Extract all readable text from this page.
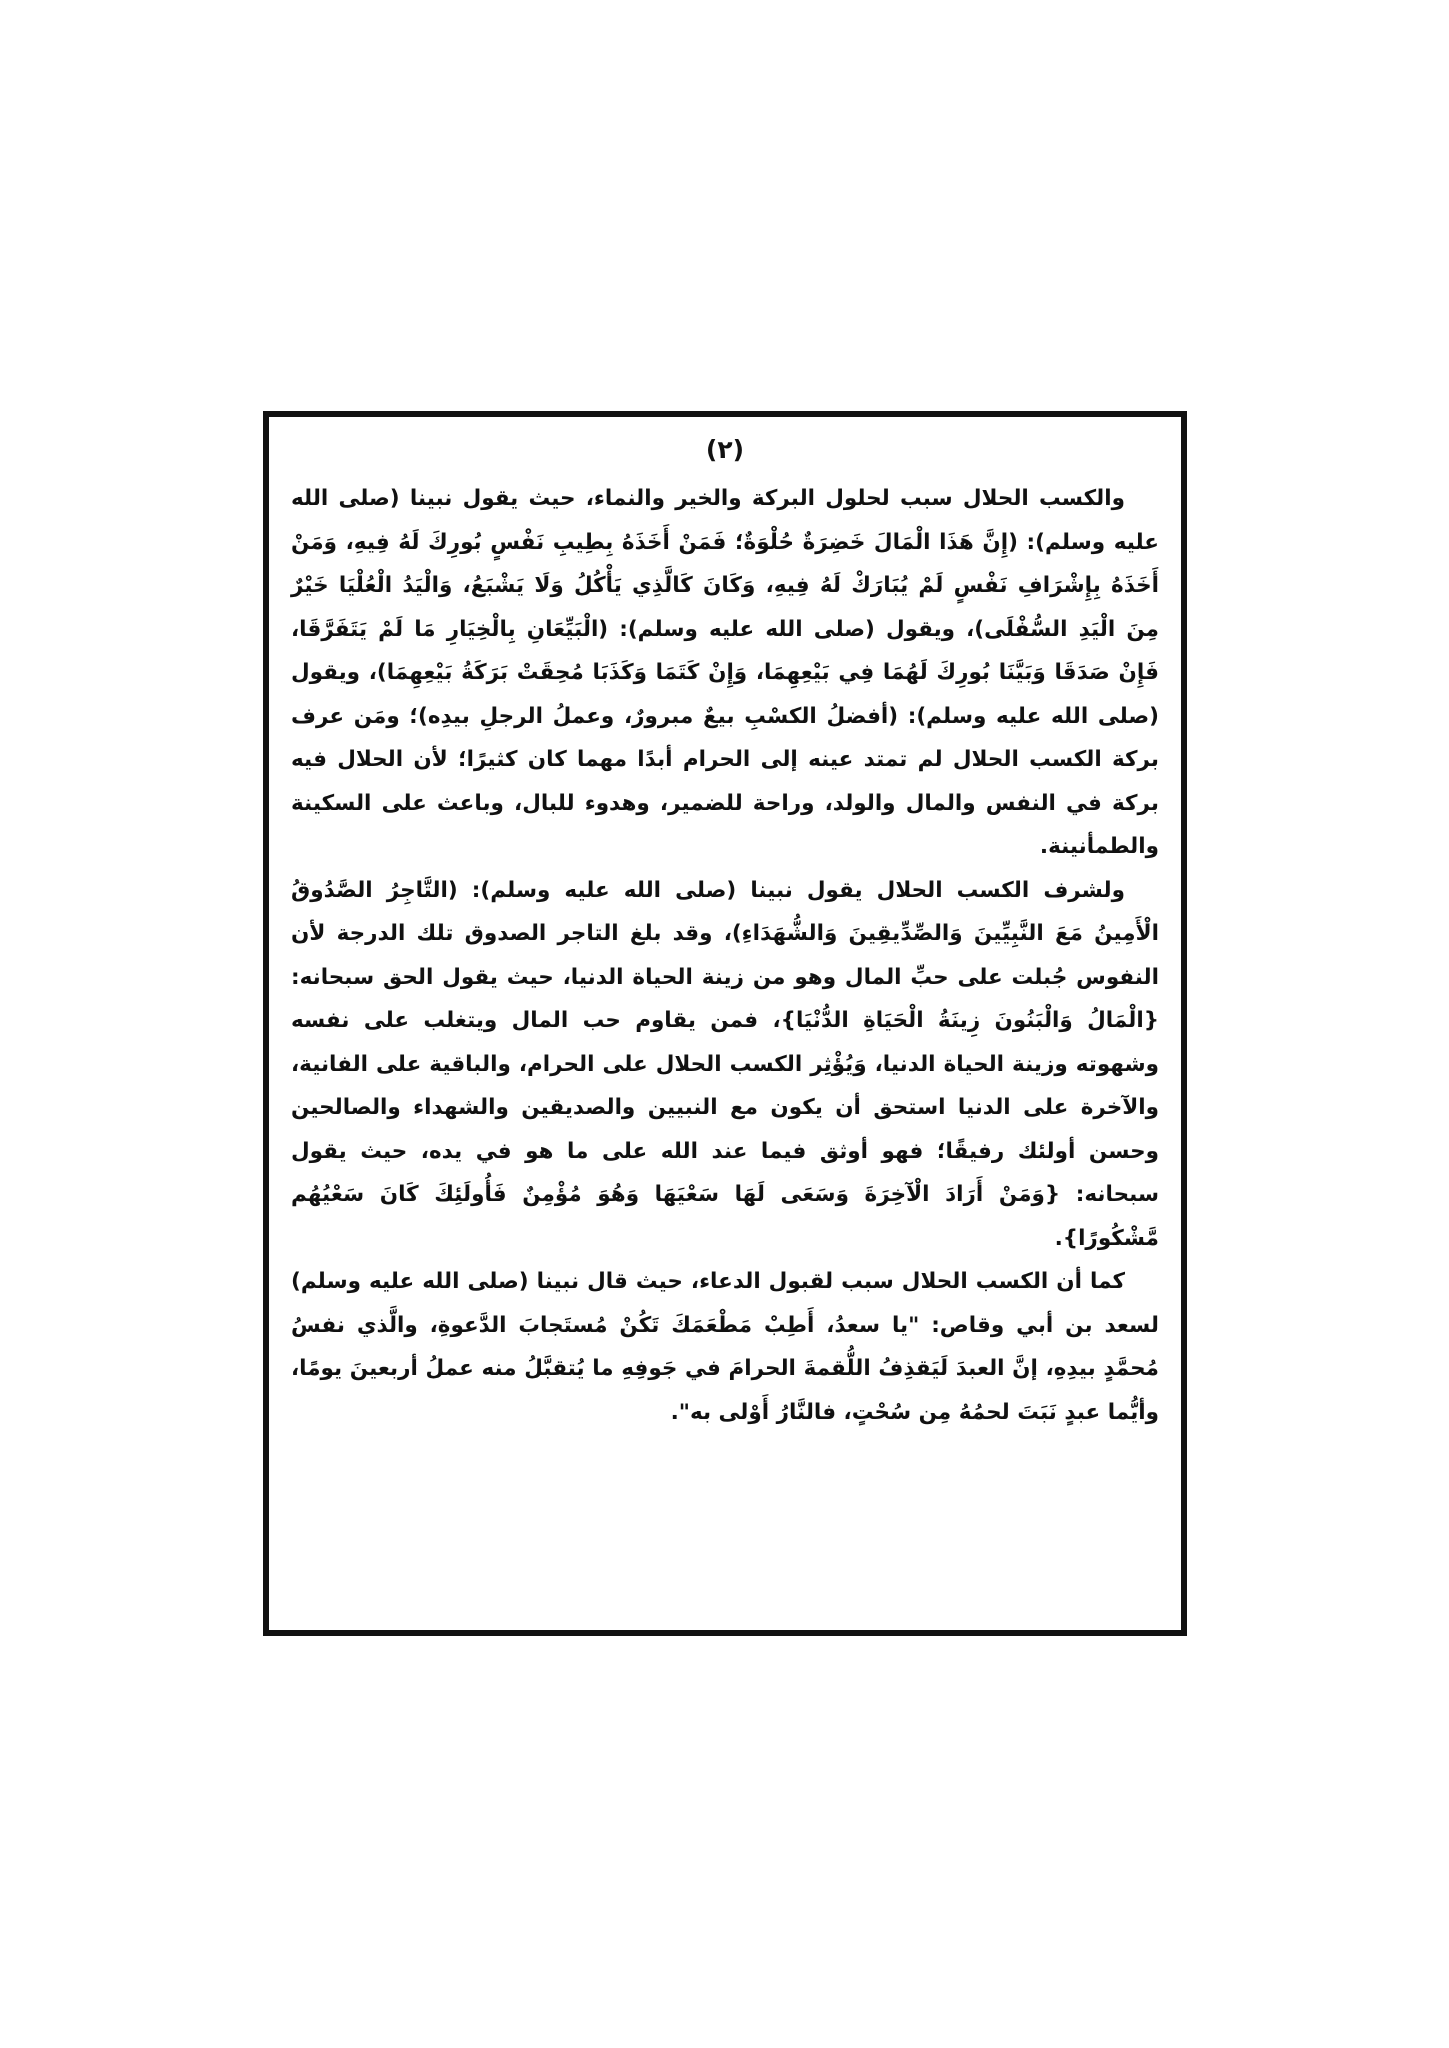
(٢)

والكسب الحلال سبب لحلول البركة والخير والنماء، حيث يقول نبينا (صلى الله عليه وسلم): (إِنَّ هَذَا الْمَالَ خَضِرَةٌ حُلْوَةٌ؛ فَمَنْ أَخَذَهُ بِطِيبِ نَفْسٍ بُورِكَ لَهُ فِيهِ، وَمَنْ أَخَذَهُ بِإِشْرَافِ نَفْسٍ لَمْ يُبَارَكْ لَهُ فِيهِ، وَكَانَ كَالَّذِي يَأْكُلُ وَلَا يَشْبَعُ، وَالْيَدُ الْعُلْيَا خَيْرٌ مِنَ الْيَدِ السُّفْلَى)، ويقول (صلى الله عليه وسلم): (الْبَيِّعَانِ بِالْخِيَارِ مَا لَمْ يَتَفَرَّقَا، فَإِنْ صَدَقَا وَبَيَّنَا بُورِكَ لَهُمَا فِي بَيْعِهِمَا، وَإِنْ كَتَمَا وَكَذَبَا مُحِقَتْ بَرَكَةُ بَيْعِهِمَا)، ويقول (صلى الله عليه وسلم): (أفضلُ الكسْبِ بيعٌ مبرورٌ، وعملُ الرجلِ بيدِه)؛ ومَن عرف بركة الكسب الحلال لم تمتد عينه إلى الحرام أبدًا مهما كان كثيرًا؛ لأن الحلال فيه بركة في النفس والمال والولد، وراحة للضمير، وهدوء للبال، وباعث على السكينة والطمأنينة.

ولشرف الكسب الحلال يقول نبينا (صلى الله عليه وسلم): (التَّاجِرُ الصَّدُوقُ الْأَمِينُ مَعَ النَّبِيِّينَ وَالصِّدِّيقِينَ وَالشُّهَدَاءِ)، وقد بلغ التاجر الصدوق تلك الدرجة لأن النفوس جُبلت على حبِّ المال وهو من زينة الحياة الدنيا، حيث يقول الحق سبحانه: {الْمَالُ وَالْبَنُونَ زِينَةُ الْحَيَاةِ الدُّنْيَا}، فمن يقاوم حب المال ويتغلب على نفسه وشهوته وزينة الحياة الدنيا، وَيُؤْثِر الكسب الحلال على الحرام، والباقية على الفانية، والآخرة على الدنيا استحق أن يكون مع النبيين والصديقين والشهداء والصالحين وحسن أولئك رفيقًا؛ فهو أوثق فيما عند الله على ما هو في يده، حيث يقول سبحانه: {وَمَنْ أَرَادَ الْآخِرَةَ وَسَعَى لَهَا سَعْيَهَا وَهُوَ مُؤْمِنٌ فَأُولَئِكَ كَانَ سَعْيُهُم مَّشْكُورًا}.

كما أن الكسب الحلال سبب لقبول الدعاء، حيث قال نبينا (صلى الله عليه وسلم) لسعد بن أبي وقاص: "يا سعدُ، أَطِبْ مَطْعَمَكَ تَكُنْ مُستَجابَ الدَّعوةِ، والَّذي نفسُ مُحمَّدٍ بيدِهِ، إنَّ العبدَ لَيَقذِفُ اللُّقمةَ الحرامَ في جَوفِهِ ما يُتقبَّلُ منه عملُ أربعينَ يومًا، وأيُّما عبدٍ نَبَتَ لحمُهُ مِن سُحْتٍ، فالنَّارُ أَوْلى به".
